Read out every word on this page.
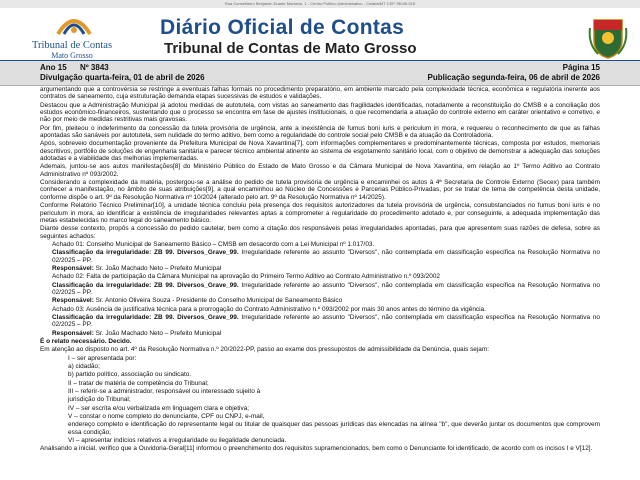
Rua Conselheiro Benjamin Duarte Monteiro, 1 - Centro Político Administrativo - Cuiabá/MT CEP 78049-915
Tribunal de Contas
Mato Grosso
Diário Oficial de Contas
Tribunal de Contas de Mato Grosso
Ano 15 Nº 3843
Divulgação quarta-feira, 01 de abril de 2026
Página 15
Publicação segunda-feira, 06 de abril de 2026

argumentando que a controvérsia se restringe a eventuais falhas formais no procedimento preparatório, em ambiente marcado pela complexidade técnica, econômica e regulatória inerente aos contratos de saneamento, cuja estruturação demanda etapas sucessivas de estudos e validações.

Destacou que a Administração Municipal já adotou medidas de autotutela, com vistas ao saneamento das fragilidades identificadas, notadamente a reconstituição do CMSB e a conciliação dos estudos econômico-financeiros, sustentando que o processo se encontra em fase de ajustes institucionais, o que recomendaria a atuação do controle externo em caráter orientativo e corretivo, e não por meio de medidas restritivas mais gravosas.

Por fim, pleiteou o indeferimento da concessão da tutela provisória de urgência, ante a inexistência de fumus boni iuris e periculum in mora, e requereu o reconhecimento de que as falhas apontadas são sanáveis por autotutela, sem nulidade do termo aditivo, bem como a regularidade do controle social pelo CMSB e da atuação da Controladoria.

Após, sobreveio documentação proveniente da Prefeitura Municipal de Nova Xavantina[7], com informações complementares e predominantemente técnicas, composta por estudos, memoriais descritivos, portfólio de soluções de engenharia sanitária e parecer técnico ambiental atinente ao sistema de esgotamento sanitário local, com o objetivo de demonstrar a adequação das soluções adotadas e a viabilidade das melhorias implementadas.

Ademais, juntou-se aos autos manifestações[8] do Ministério Público do Estado de Mato Grosso e da Câmara Municipal de Nova Xavantina, em relação ao 1º Termo Aditivo ao Contrato Administrativo nº 093/2002.

Considerando a complexidade da matéria, postergou-se a análise do pedido de tutela provisória de urgência e encaminhei os autos à 4ª Secretaria de Controle Externo (Secex) para também conhecer a manifestação, no âmbito de suas atribuições[9], a qual encaminhou ao Núcleo de Concessões e Parcerias Público-Privadas, por se tratar de tema de competência desta unidade, conforme dispõe o art. 9º da Resolução Normativa nº 10/2024 (alterado pelo art. 9º da Resolução Normativa nº 14/2025).

Conforme Relatório Técnico Preliminar[10], a unidade técnica concluiu pela presença dos requisitos autorizadores da tutela provisória de urgência, consubstanciados no fumus boni iuris e no periculum in mora, ao identificar a existência de irregularidades relevantes aptas a comprometer a regularidade do procedimento adotado e, por conseguinte, a adequada implementação das metas estabelecidas no marco legal do saneamento básico.

Diante desse contexto, propôs a concessão do pedido cautelar, bem como a citação dos responsáveis pelas irregularidades apontadas, para que apresentem suas razões de defesa, sobre as seguintes achados:

Achado 01: Conselho Municipal de Saneamento Básico – CMSB em desacordo com a Lei Municipal nº 1.017/03.

Classificação da irregularidade: ZB 99. Diversos_Grave_99. Irregularidade referente ao assunto "Diversos", não contemplada em classificação específica na Resolução Normativa no 02/2025 – PP.

Responsável: Sr. João Machado Neto – Prefeito Municipal

Achado 02: Falta de participação da Câmara Municipal na aprovação do Primeiro Termo Aditivo ao Contrato Administrativo n.º 093/2002

Classificação da irregularidade: ZB 99. Diversos_Grave_99. Irregularidade referente ao assunto "Diversos", não contemplada em classificação específica na Resolução Normativa no 02/2025 – PP.

Responsável: Sr. Antonio Oliveira Souza - Presidente do Conselho Municipal de Saneamento Básico

Achado 03: Ausência de justificativa técnica para a prorrogação do Contrato Administrativo n.º 093/2002 por mais 30 anos antes do término da vigência.

Classificação da irregularidade: ZB 99. Diversos_Grave_99. Irregularidade referente ao assunto "Diversos", não contemplada em classificação específica na Resolução Normativa no 02/2025 – PP.

Responsável: Sr. João Machado Neto – Prefeito Municipal

É o relato necessário. Decido.

Em atenção ao disposto no art. 4º da Resolução Normativa n.º 20/2022-PP, passo ao exame dos pressupostos de admissibilidade da Denúncia, quais sejam:

I – ser apresentada por:

a) cidadão;

b) partido político, associação ou sindicato.

II – tratar de matéria de competência do Tribunal;

III – referir-se a administrador, responsável ou interessado sujeito à

jurisdição do Tribunal;

IV – ser escrita e/ou verbalizada em linguagem clara e objetiva;

V – constar o nome completo do denunciante, CPF ou CNPJ, e-mail,

endereço completo e identificação do representante legal ou titular de quaisquer das pessoas jurídicas das elencadas na alínea "b", que deverão juntar os documentos que comprovem essa condição;

VI – apresentar indícios relativos a irregularidade ou ilegalidade denunciada.

Analisando a inicial, verifico que a Ouvidoria-Geral[11] informou o preenchimento dos requisitos supramencionados, bem como o Denunciante foi identificado, de acordo com os incisos I e V[12].
